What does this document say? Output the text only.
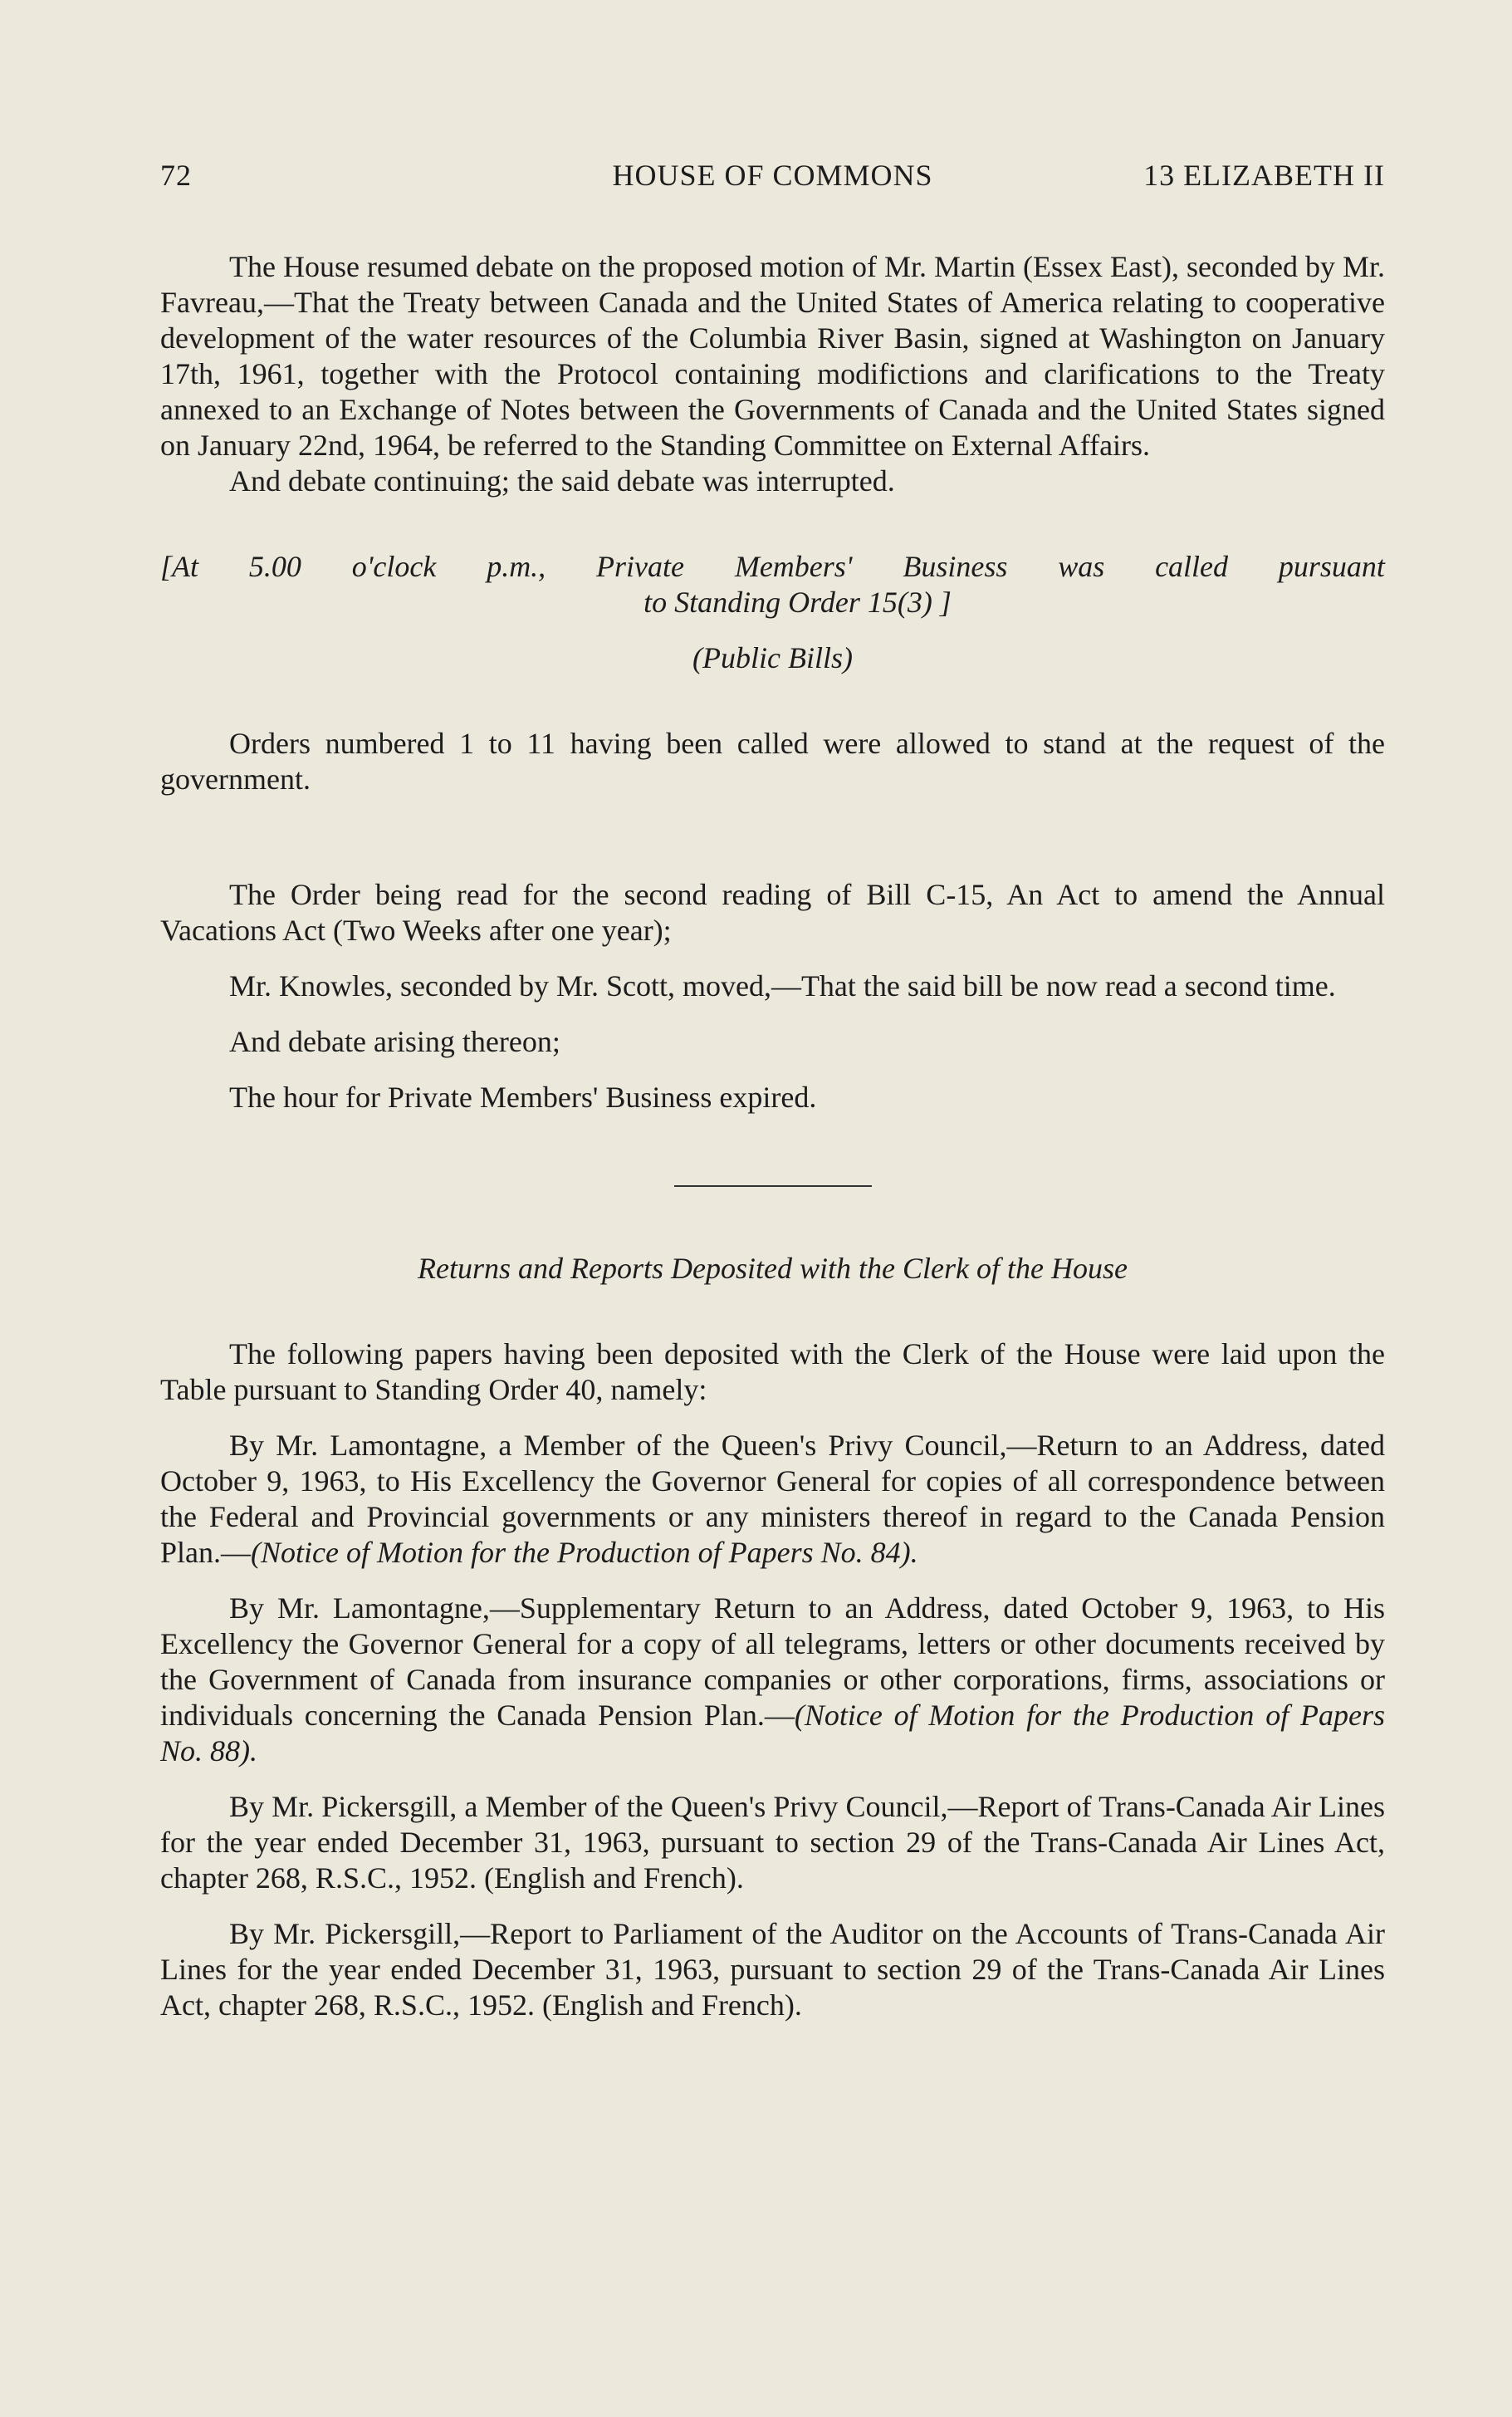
72	HOUSE OF COMMONS	13 ELIZABETH II

The House resumed debate on the proposed motion of Mr. Martin (Essex East), seconded by Mr. Favreau,—That the Treaty between Canada and the United States of America relating to cooperative development of the water resources of the Columbia River Basin, signed at Washington on January 17th, 1961, together with the Protocol containing modifictions and clarifications to the Treaty annexed to an Exchange of Notes between the Governments of Canada and the United States signed on January 22nd, 1964, be referred to the Standing Committee on External Affairs.

And debate continuing; the said debate was interrupted.

[At 5.00 o'clock p.m., Private Members' Business was called pursuant
to Standing Order 15(3) ]
(Public Bills)

Orders numbered 1 to 11 having been called were allowed to stand at the request of the government.

The Order being read for the second reading of Bill C-15, An Act to amend the Annual Vacations Act (Two Weeks after one year);

Mr. Knowles, seconded by Mr. Scott, moved,—That the said bill be now read a second time.

And debate arising thereon;

The hour for Private Members' Business expired.

Returns and Reports Deposited with the Clerk of the House

The following papers having been deposited with the Clerk of the House were laid upon the Table pursuant to Standing Order 40, namely:

By Mr. Lamontagne, a Member of the Queen's Privy Council,—Return to an Address, dated October 9, 1963, to His Excellency the Governor General for copies of all correspondence between the Federal and Provincial governments or any ministers thereof in regard to the Canada Pension Plan.—(Notice of Motion for the Production of Papers No. 84).

By Mr. Lamontagne,—Supplementary Return to an Address, dated October 9, 1963, to His Excellency the Governor General for a copy of all telegrams, letters or other documents received by the Government of Canada from insurance companies or other corporations, firms, associations or individuals concerning the Canada Pension Plan.—(Notice of Motion for the Production of Papers No. 88).

By Mr. Pickersgill, a Member of the Queen's Privy Council,—Report of Trans-Canada Air Lines for the year ended December 31, 1963, pursuant to section 29 of the Trans-Canada Air Lines Act, chapter 268, R.S.C., 1952. (English and French).

By Mr. Pickersgill,—Report to Parliament of the Auditor on the Accounts of Trans-Canada Air Lines for the year ended December 31, 1963, pursuant to section 29 of the Trans-Canada Air Lines Act, chapter 268, R.S.C., 1952. (English and French).
